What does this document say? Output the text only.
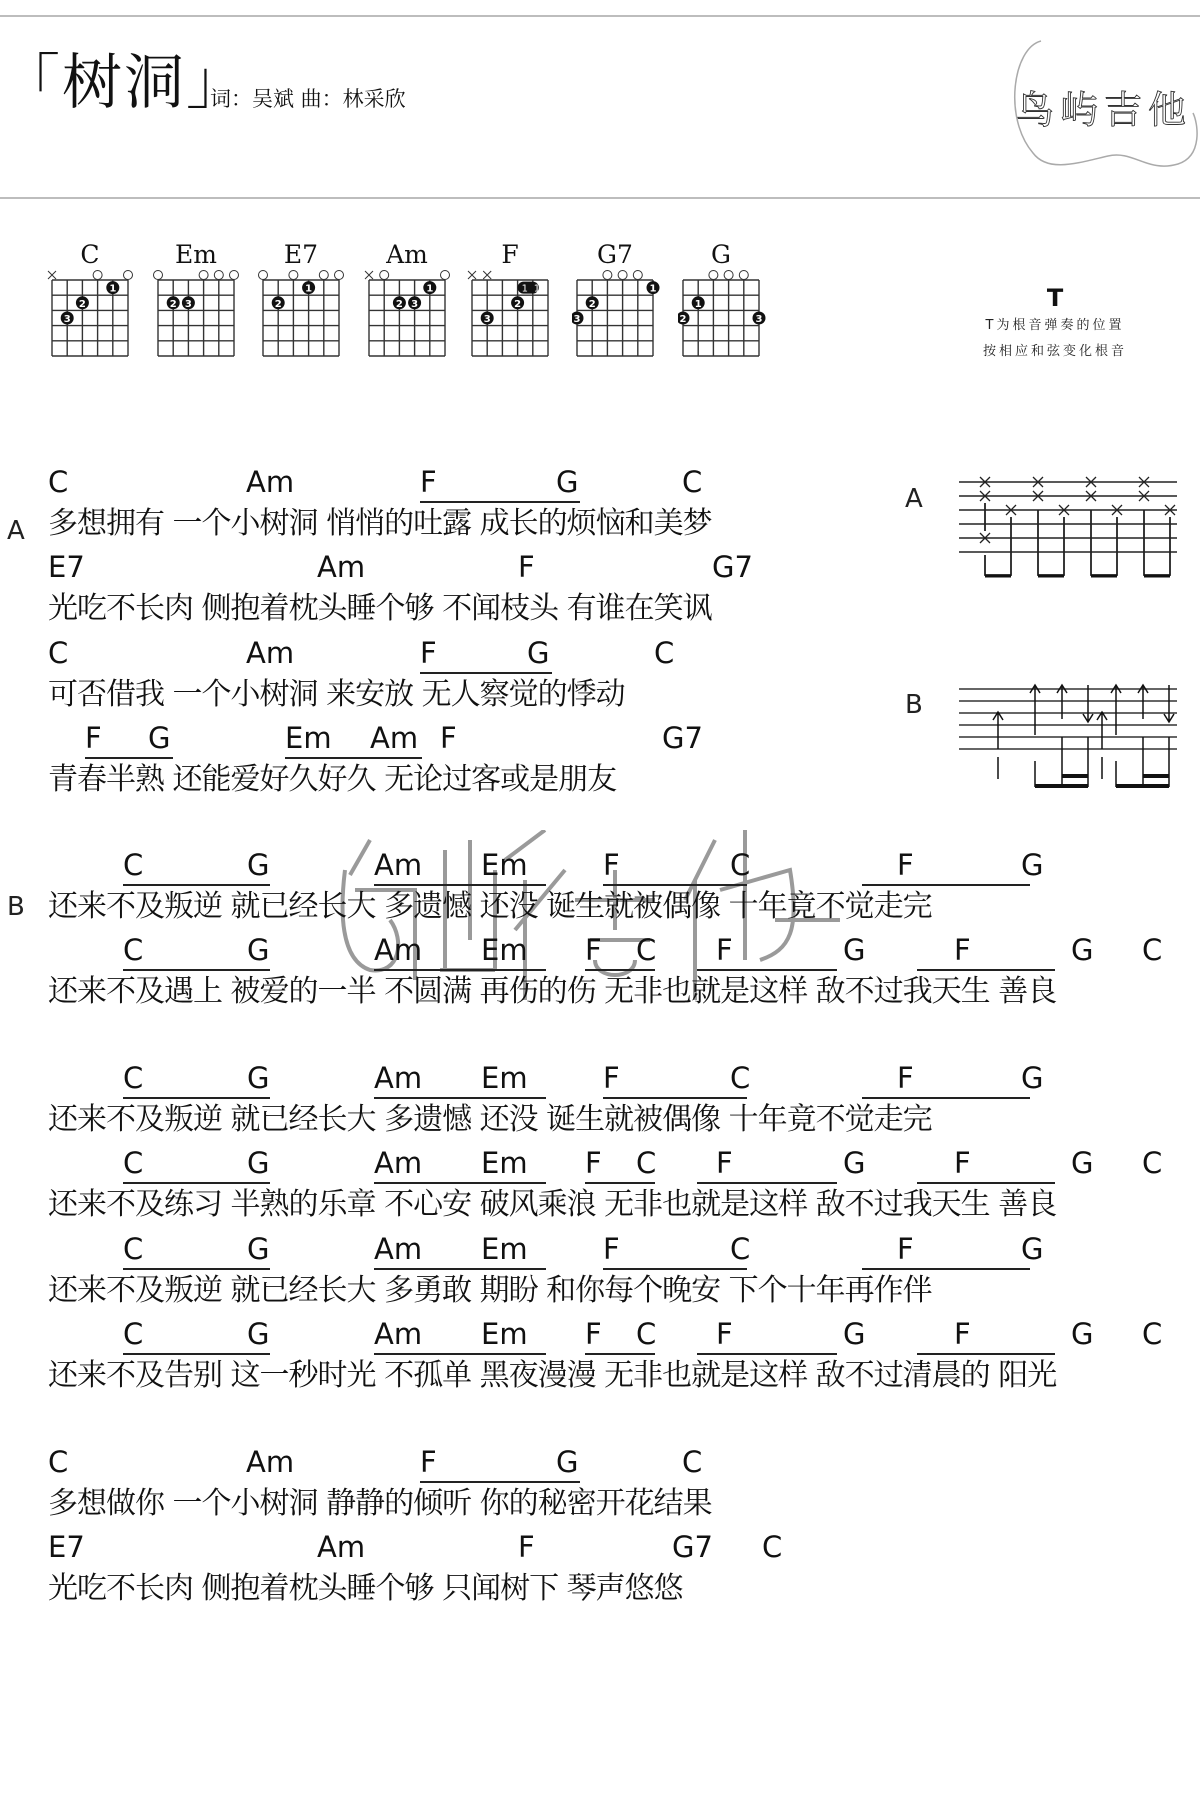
「树洞」
词：吴斌 曲：林采欣	鸟屿吉他
C
3
2
1
Em
2 3
E7
2
1
Am
2 3
1
F
3
2
1 1
G7
3
2
1
G
2
1
3
T
T为根音弹奏的位置
按相应和弦变化根音
A
B
A
B
C	Am	F	G	C
多想拥有 一个小树洞 悄悄的吐露 成长的烦恼和美梦
E7	Am	F	G7
光吃不长肉 侧抱着枕头睡个够 不闻枝头 有谁在笑讽
C	Am	F	G	C
可否借我 一个小树洞 来安放 无人察觉的悸动
F G	Em Am F	G7
青春半熟 还能爱好久好久 无论过客或是朋友
C	G	Am Em	F	C	F	G
还来不及叛逆 就已经长大 多遗憾 还没 诞生就被偶像 十年竟不觉走完
C	G	Am Em F C F	G	F	G C
还来不及遇上 被爱的一半 不圆满 再伤的伤 无非也就是这样 敌不过我天生 善良
C	G	Am Em	F	C	F	G
还来不及叛逆 就已经长大 多遗憾 还没 诞生就被偶像 十年竟不觉走完
C	G	Am Em F C F	G	F	G C
还来不及练习 半熟的乐章 不心安 破风乘浪 无非也就是这样 敌不过我天生 善良
C	G	Am Em	F	C	F	G
还来不及叛逆 就已经长大 多勇敢 期盼 和你每个晚安 下个十年再作伴
C	G	Am Em F C F	G	F	G C
还来不及告别 这一秒时光 不孤单 黑夜漫漫 无非也就是这样 敌不过清晨的 阳光
C	Am	F	G	C
多想做你 一个小树洞 静静的倾听 你的秘密开花结果
E7	Am	F	G7 C
光吃不长肉 侧抱着枕头睡个够 只闻树下 琴声悠悠
